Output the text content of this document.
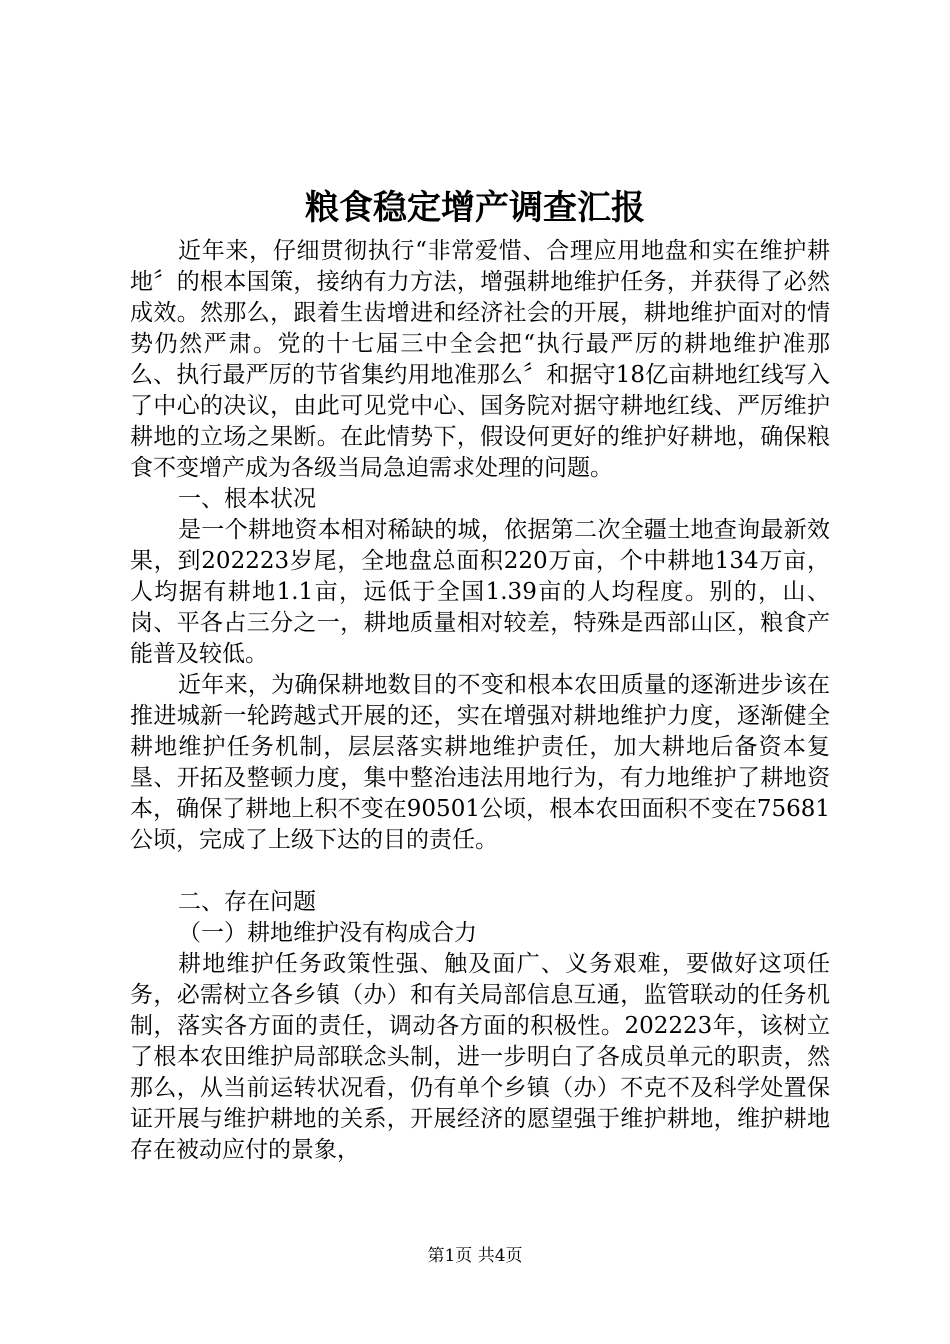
粮食稳定增产调查汇报

近年来，仔细贯彻执行“非常爱惜、合理应用地盘和实在维护耕地〞的根本国策，接纳有力方法，增强耕地维护任务，并获得了必然成效。然那么，跟着生齿增进和经济社会的开展，耕地维护面对的情势仍然严肃。党的十七届三中全会把“执行最严厉的耕地维护准那么、执行最严厉的节省集约用地准那么〞和据守18亿亩耕地红线写入了中心的决议，由此可见党中心、国务院对据守耕地红线、严厉维护耕地的立场之果断。在此情势下，假设何更好的维护好耕地，确保粮食不变增产成为各级当局急迫需求处理的问题。

一、根本状况

是一个耕地资本相对稀缺的城，依据第二次全疆土地查询最新效果，到202223岁尾，全地盘总面积220万亩，个中耕地134万亩，人均据有耕地1.1亩，远低于全国1.39亩的人均程度。别的，山、岗、平各占三分之一，耕地质量相对较差，特殊是西部山区，粮食产能普及较低。

近年来，为确保耕地数目的不变和根本农田质量的逐渐进步该在推进城新一轮跨越式开展的还，实在增强对耕地维护力度，逐渐健全耕地维护任务机制，层层落实耕地维护责任，加大耕地后备资本复垦、开拓及整顿力度，集中整治违法用地行为，有力地维护了耕地资本，确保了耕地上积不变在90501公顷，根本农田面积不变在75681公顷，完成了上级下达的目的责任。

二、存在问题

（一）耕地维护没有构成合力

耕地维护任务政策性强、触及面广、义务艰难，要做好这项任务，必需树立各乡镇（办）和有关局部信息互通，监管联动的任务机制，落实各方面的责任，调动各方面的积极性。202223年，该树立了根本农田维护局部联念头制，进一步明白了各成员单元的职责，然那么，从当前运转状况看，仍有单个乡镇（办）不克不及科学处置保证开展与维护耕地的关系，开展经济的愿望强于维护耕地，维护耕地存在被动应付的景象，

第1页 共4页
